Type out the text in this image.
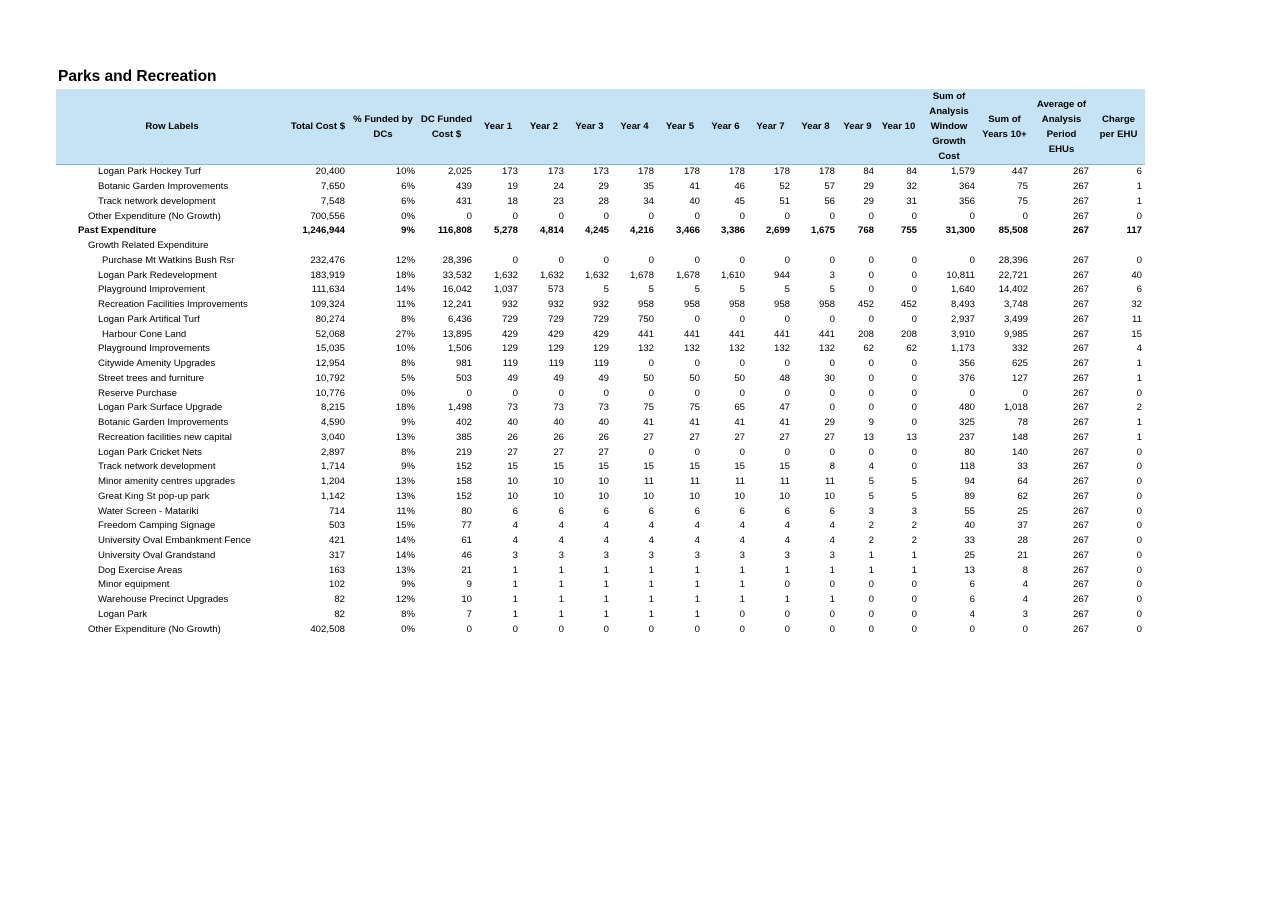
Parks and Recreation
Row Labels	Total Cost $	% Funded by DCs	DC Funded Cost $	Year 1	Year 2	Year 3	Year 4	Year 5	Year 6	Year 7	Year 8	Year 9	Year 10	Sum of Analysis Window Growth Cost	Sum of Years 10+	Average of Analysis Period EHUs	Charge per EHU
Logan Park Hockey Turf	20,400	10%	2,025	173	173	173	178	178	178	178	178	84	84	1,579	447	267	6
Botanic Garden Improvements	7,650	6%	439	19	24	29	35	41	46	52	57	29	32	364	75	267	1
Track network development	7,548	6%	431	18	23	28	34	40	45	51	56	29	31	356	75	267	1
Other Expenditure (No Growth)	700,556	0%	0	0	0	0	0	0	0	0	0	0	0	0	0	267	0
Past Expenditure	1,246,944	9%	116,808	5,278	4,814	4,245	4,216	3,466	3,386	2,699	1,675	768	755	31,300	85,508	267	117
Growth Related Expenditure																	
Purchase Mt Watkins Bush Rsr	232,476	12%	28,396	0	0	0	0	0	0	0	0	0	0	0	28,396	267	0
Logan Park Redevelopment	183,919	18%	33,532	1,632	1,632	1,632	1,678	1,678	1,610	944	3	0	0	10,811	22,721	267	40
Playground Improvement	111,634	14%	16,042	1,037	573	5	5	5	5	5	5	0	0	1,640	14,402	267	6
Recreation Facilities Improvements	109,324	11%	12,241	932	932	932	958	958	958	958	958	452	452	8,493	3,748	267	32
Logan Park Artifical Turf	80,274	8%	6,436	729	729	729	750	0	0	0	0	0	0	2,937	3,499	267	11
Harbour Cone Land	52,068	27%	13,895	429	429	429	441	441	441	441	441	208	208	3,910	9,985	267	15
Playground Improvements	15,035	10%	1,506	129	129	129	132	132	132	132	132	62	62	1,173	332	267	4
Citywide Amenity Upgrades	12,954	8%	981	119	119	119	0	0	0	0	0	0	0	356	625	267	1
Street trees and furniture	10,792	5%	503	49	49	49	50	50	50	48	30	0	0	376	127	267	1
Reserve Purchase	10,776	0%	0	0	0	0	0	0	0	0	0	0	0	0	0	267	0
Logan Park Surface Upgrade	8,215	18%	1,498	73	73	73	75	75	65	47	0	0	0	480	1,018	267	2
Botanic Garden Improvements	4,590	9%	402	40	40	40	41	41	41	41	29	9	0	325	78	267	1
Recreation facilities new capital	3,040	13%	385	26	26	26	27	27	27	27	27	13	13	237	148	267	1
Logan Park Cricket Nets	2,897	8%	219	27	27	27	0	0	0	0	0	0	0	80	140	267	0
Track network development	1,714	9%	152	15	15	15	15	15	15	15	8	4	0	118	33	267	0
Minor amenity centres upgrades	1,204	13%	158	10	10	10	11	11	11	11	11	5	5	94	64	267	0
Great King St pop-up park	1,142	13%	152	10	10	10	10	10	10	10	10	5	5	89	62	267	0
Water Screen - Matariki	714	11%	80	6	6	6	6	6	6	6	6	3	3	55	25	267	0
Freedom Camping Signage	503	15%	77	4	4	4	4	4	4	4	4	2	2	40	37	267	0
University Oval Embankment Fence	421	14%	61	4	4	4	4	4	4	4	4	2	2	33	28	267	0
University Oval Grandstand	317	14%	46	3	3	3	3	3	3	3	3	1	1	25	21	267	0
Dog Exercise Areas	163	13%	21	1	1	1	1	1	1	1	1	1	1	13	8	267	0
Minor equipment	102	9%	9	1	1	1	1	1	1	0	0	0	0	6	4	267	0
Warehouse Precinct Upgrades	82	12%	10	1	1	1	1	1	1	1	1	0	0	6	4	267	0
Logan Park	82	8%	7	1	1	1	1	1	0	0	0	0	0	4	3	267	0
Other Expenditure (No Growth)	402,508	0%	0	0	0	0	0	0	0	0	0	0	0	0	0	267	0
